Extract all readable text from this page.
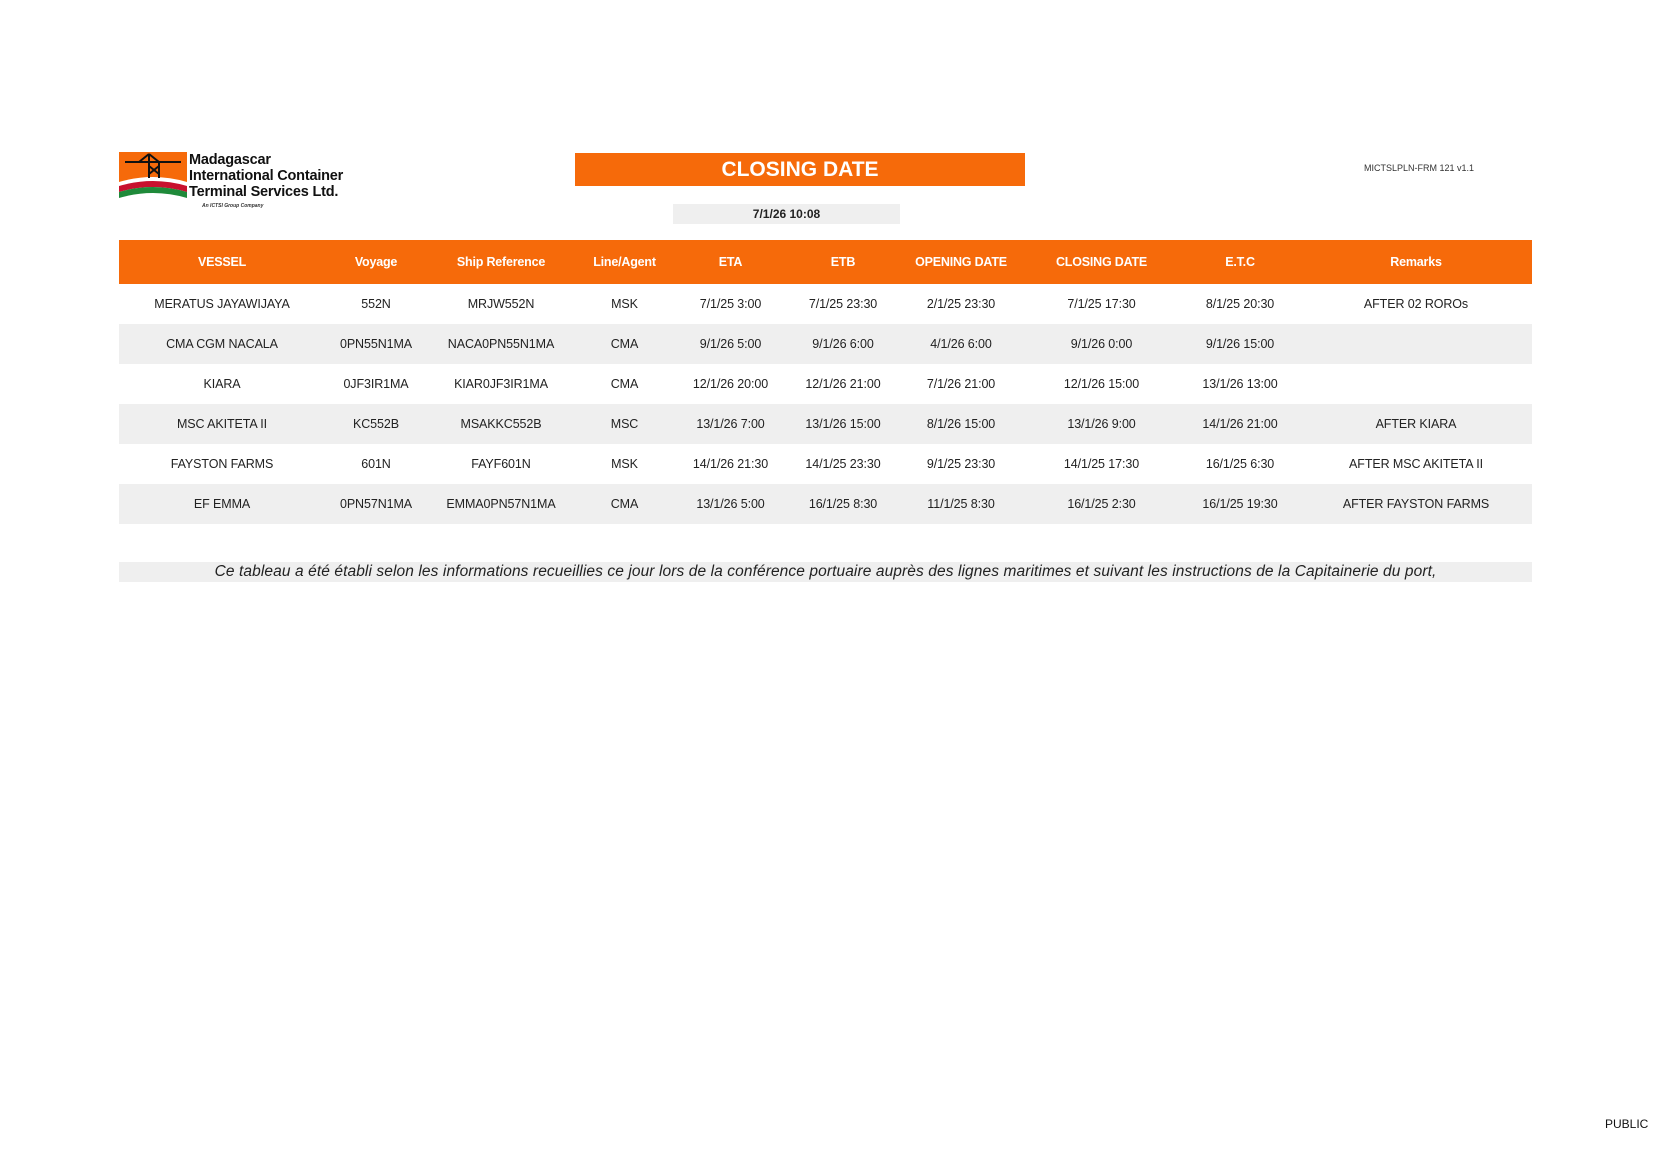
Madagascar
International Container
Terminal Services Ltd.
An ICTSI Group Company
CLOSING DATE
7/1/26 10:08
MICTSLPLN-FRM 121 v1.1
VESSEL	Voyage	Ship Reference	Line/Agent	ETA	ETB	OPENING DATE	CLOSING DATE	E.T.C	Remarks
MERATUS JAYAWIJAYA	552N	MRJW552N	MSK	7/1/25 3:00	7/1/25 23:30	2/1/25 23:30	7/1/25 17:30	8/1/25 20:30	AFTER 02 ROROs
CMA CGM NACALA	0PN55N1MA	NACA0PN55N1MA	CMA	9/1/26 5:00	9/1/26 6:00	4/1/26 6:00	9/1/26 0:00	9/1/26 15:00	
KIARA	0JF3IR1MA	KIAR0JF3IR1MA	CMA	12/1/26 20:00	12/1/26 21:00	7/1/26 21:00	12/1/26 15:00	13/1/26 13:00	
MSC AKITETA II	KC552B	MSAKKC552B	MSC	13/1/26 7:00	13/1/26 15:00	8/1/26 15:00	13/1/26 9:00	14/1/26 21:00	AFTER KIARA
FAYSTON FARMS	601N	FAYF601N	MSK	14/1/26 21:30	14/1/25 23:30	9/1/25 23:30	14/1/25 17:30	16/1/25 6:30	AFTER MSC AKITETA II
EF EMMA	0PN57N1MA	EMMA0PN57N1MA	CMA	13/1/26 5:00	16/1/25 8:30	11/1/25 8:30	16/1/25 2:30	16/1/25 19:30	AFTER FAYSTON FARMS
Ce tableau a été établi selon les informations recueillies ce jour lors de la conférence portuaire auprès des lignes maritimes et suivant les instructions de la Capitainerie du port,
PUBLIC
